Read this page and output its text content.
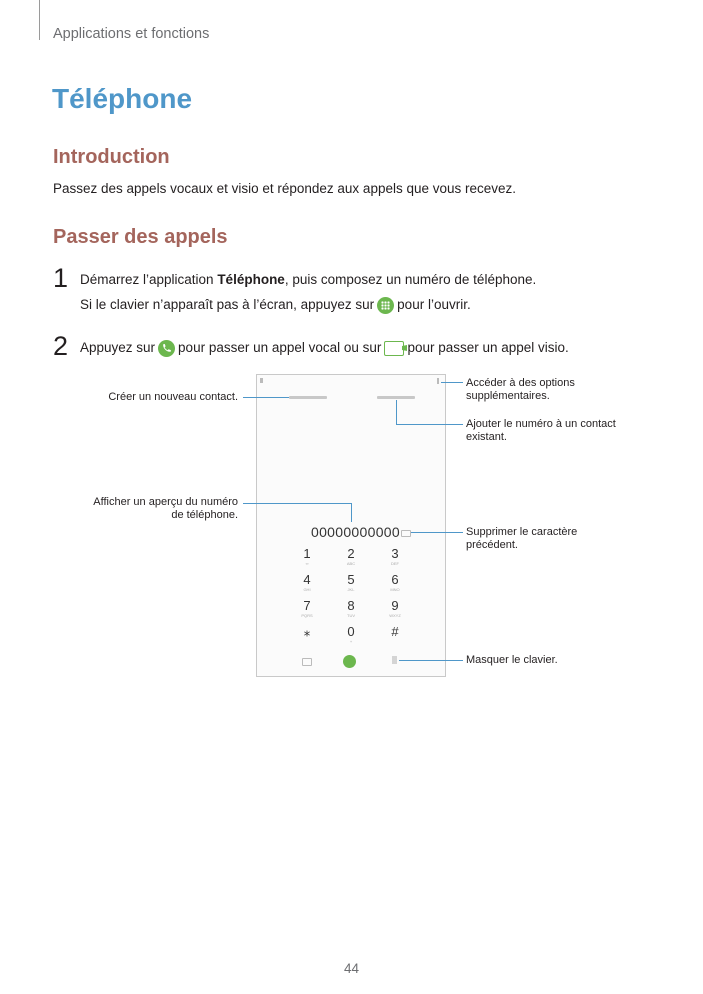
Applications et fonctions
Téléphone
Introduction
Passez des appels vocaux et visio et répondez aux appels que vous recevez.
Passer des appels
1 Démarrez l’application Téléphone, puis composez un numéro de téléphone.
Si le clavier n’apparaît pas à l’écran, appuyez sur pour l’ouvrir.
2 Appuyez sur pour passer un appel vocal ou sur pour passer un appel visio.
00000000000
1
∞
2
ABC
3
DEF
4
GHI
5
JKL
6
MNO
7
PQRS
8
TUV
9
WXYZ
⁎	0
+
#
Créer un nouveau contact.
Accéder à des options supplémentaires.
Ajouter le numéro à un contact existant.
Afficher un aperçu du numéro de téléphone.
Supprimer le caractère précédent.
Masquer le clavier.
44
